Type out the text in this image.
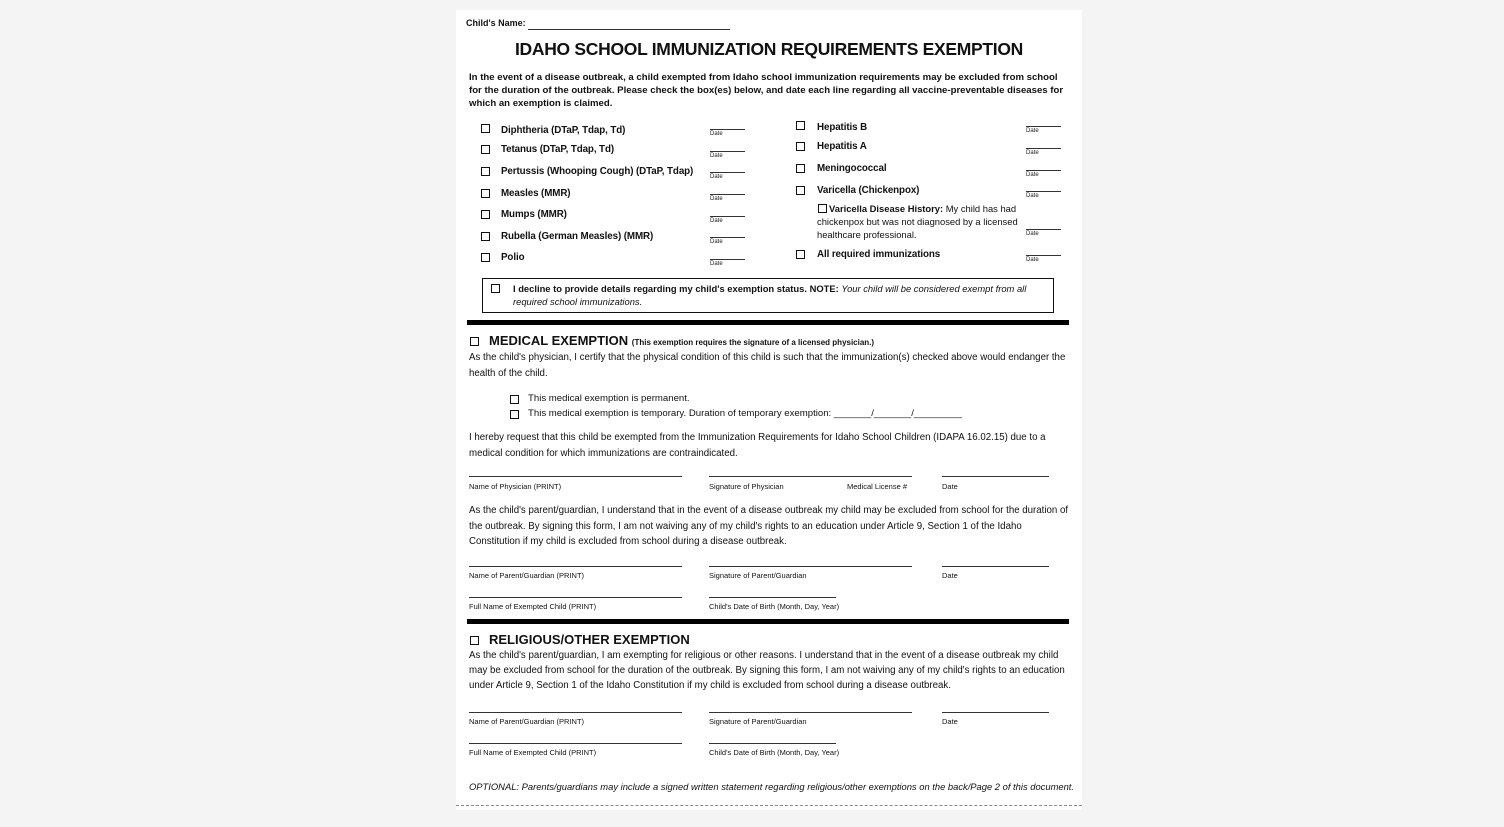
Child's Name:
IDAHO SCHOOL IMMUNIZATION REQUIREMENTS EXEMPTION
In the event of a disease outbreak, a child exempted from Idaho school immunization requirements may be excluded from school for the duration of the outbreak. Please check the box(es) below, and date each line regarding all vaccine-preventable diseases for which an exemption is claimed.
Diphtheria (DTaP, Tdap, Td)	Date
Tetanus (DTaP, Tdap, Td)
Date
Pertussis (Whooping Cough) (DTaP, Tdap)	Date
Measles (MMR)	Date
Mumps (MMR)
Date
Rubella (German Measles) (MMR)	Date
Polio
Date
Hepatitis B	Date
Hepatitis A
Date
Meningococcal
Date
Varicella (Chickenpox)	Date
Varicella Disease History: My child has had
chickenpox but was not diagnosed by a licensed
healthcare professional.	Date
All required immunizations	Date
I decline to provide details regarding my child's exemption status. NOTE: Your child will be considered exempt from all
required school immunizations.
MEDICAL EXEMPTION (This exemption requires the signature of a licensed physician.)
As the child's physician, I certify that the physical condition of this child is such that the immunization(s) checked above would endanger the health of the child.
This medical exemption is permanent.
This medical exemption is temporary. Duration of temporary exemption: _______/_______/_________
I hereby request that this child be exempted from the Immunization Requirements for Idaho School Children (IDAPA 16.02.15) due to a medical condition for which immunizations are contraindicated.
Name of Physician (PRINT)	Signature of Physician	Medical License #	Date
As the child's parent/guardian, I understand that in the event of a disease outbreak my child may be excluded from school for the duration of the outbreak. By signing this form, I am not waiving any of my child's rights to an education under Article 9, Section 1 of the Idaho Constitution if my child is excluded from school during a disease outbreak.
Name of Parent/Guardian (PRINT)	Signature of Parent/Guardian	Date
Full Name of Exempted Child (PRINT)	Child's Date of Birth (Month, Day, Year)
RELIGIOUS/OTHER EXEMPTION
As the child's parent/guardian, I am exempting for religious or other reasons. I understand that in the event of a disease outbreak my child may be excluded from school for the duration of the outbreak. By signing this form, I am not waiving any of my child's rights to an education under Article 9, Section 1 of the Idaho Constitution if my child is excluded from school during a disease outbreak.
Name of Parent/Guardian (PRINT)	Signature of Parent/Guardian	Date
Full Name of Exempted Child (PRINT)	Child's Date of Birth (Month, Day, Year)
OPTIONAL: Parents/guardians may include a signed written statement regarding religious/other exemptions on the back/Page 2 of this document.
